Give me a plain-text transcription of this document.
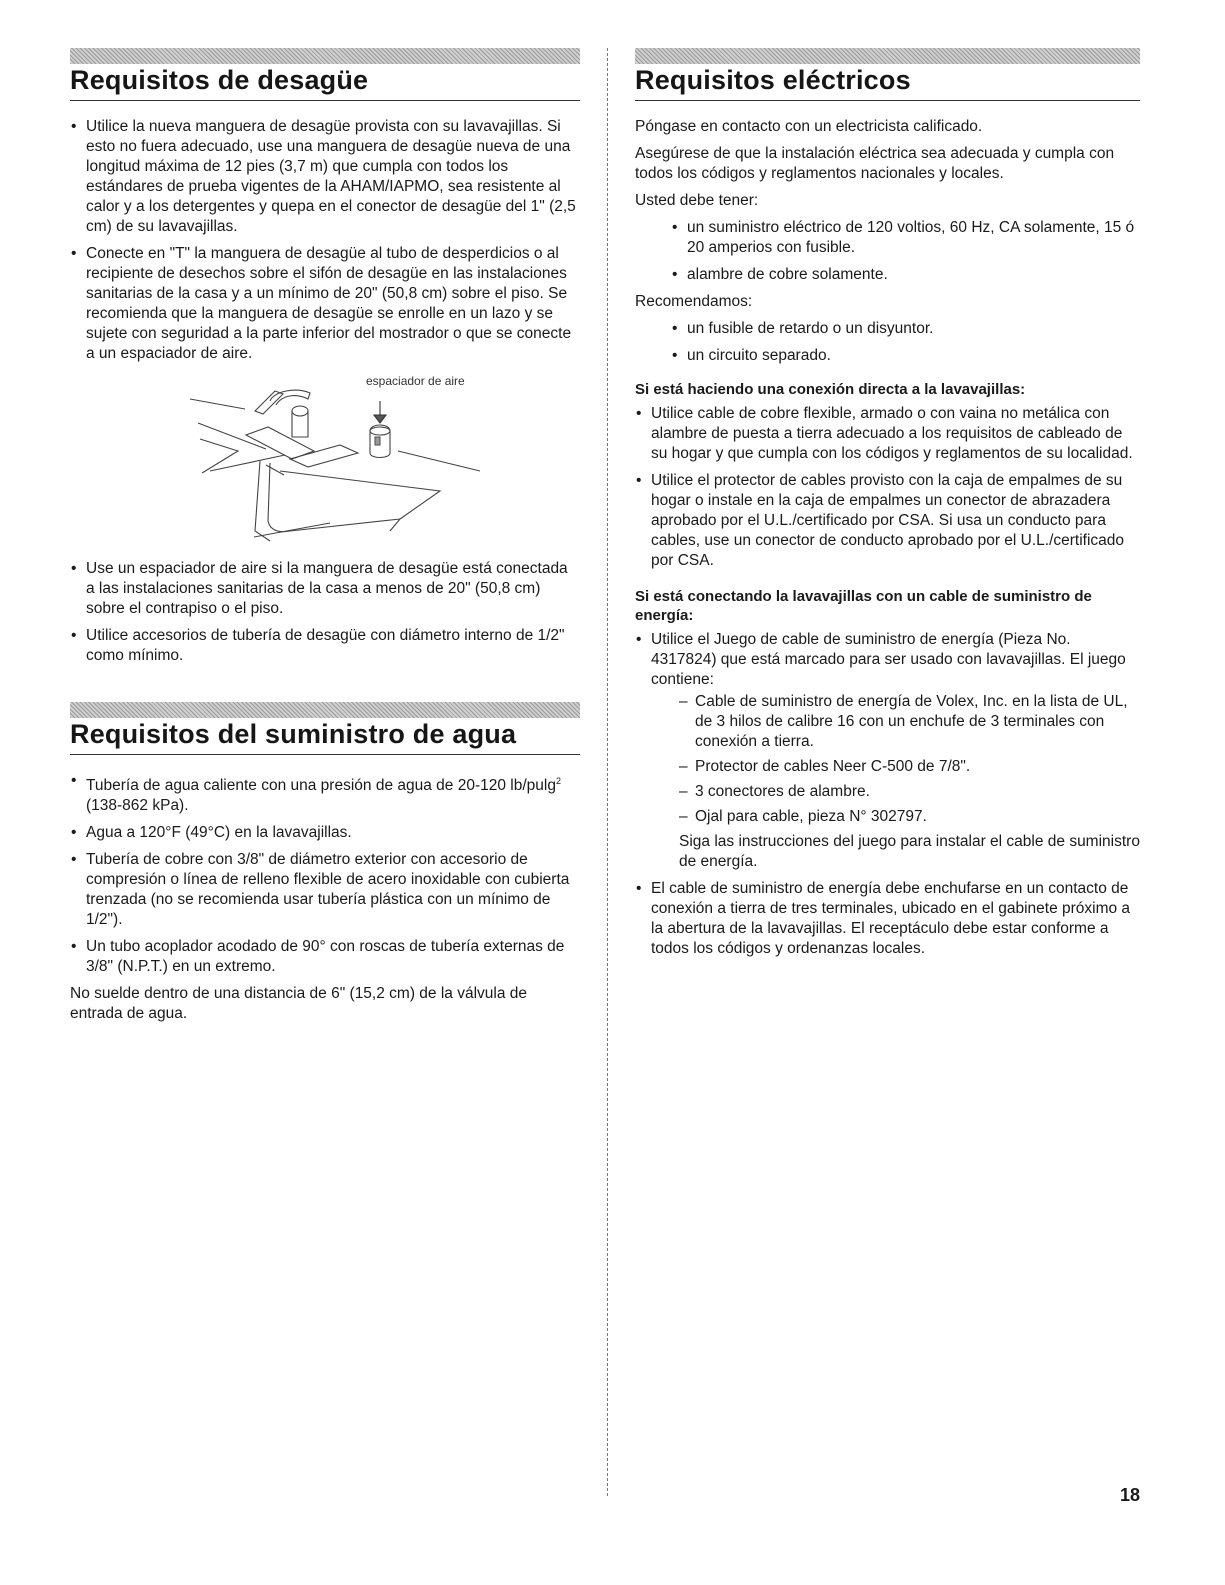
Requisitos de desagüe
• Utilice la nueva manguera de desagüe provista con su lavavajillas. Si esto no fuera adecuado, use una manguera de desagüe nueva de una longitud máxima de 12 pies (3,7 m) que cumpla con todos los estándares de prueba vigentes de la AHAM/IAPMO, sea resistente al calor y a los detergentes y quepa en el conector de desagüe del 1" (2,5 cm) de su lavavajillas.
• Conecte en "T" la manguera de desagüe al tubo de desperdicios o al recipiente de desechos sobre el sifón de desagüe en las instalaciones sanitarias de la casa y a un mínimo de 20" (50,8 cm) sobre el piso. Se recomienda que la manguera de desagüe se enrolle en un lazo y se sujete con seguridad a la parte inferior del mostrador o que se conecte a un espaciador de aire.
espaciador de aire
• Use un espaciador de aire si la manguera de desagüe está conectada a las instalaciones sanitarias de la casa a menos de 20" (50,8 cm) sobre el contrapiso o el piso.
• Utilice accesorios de tubería de desagüe con diámetro interno de 1/2" como mínimo.
Requisitos del suministro de agua
• Tubería de agua caliente con una presión de agua de 20-120 lb/pulg$^2$ (138-862 kPa).
• Agua a 120°F (49°C) en la lavavajillas.
• Tubería de cobre con 3/8" de diámetro exterior con accesorio de compresión o línea de relleno flexible de acero inoxidable con cubierta trenzada (no se recomienda usar tubería plástica con un mínimo de 1/2").
• Un tubo acoplador acodado de 90° con roscas de tubería externas de 3/8" (N.P.T.) en un extremo.

No suelde dentro de una distancia de 6" (15,2 cm) de la válvula de entrada de agua.

Requisitos eléctricos

Póngase en contacto con un electricista calificado.

Asegúrese de que la instalación eléctrica sea adecuada y cumpla con todos los códigos y reglamentos nacionales y locales.

Usted debe tener:

• un suministro eléctrico de 120 voltios, 60 Hz, CA solamente, 15 ó 20 amperios con fusible.
• alambre de cobre solamente.

Recomendamos:

• un fusible de retardo o un disyuntor.
• un circuito separado.
Si está haciendo una conexión directa a la lavavajillas:
• Utilice cable de cobre flexible, armado o con vaina no metálica con alambre de puesta a tierra adecuado a los requisitos de cableado de su hogar y que cumpla con los códigos y reglamentos de su localidad.
• Utilice el protector de cables provisto con la caja de empalmes de su hogar o instale en la caja de empalmes un conector de abrazadera aprobado por el U.L./certificado por CSA. Si usa un conducto para cables, use un conector de conducto aprobado por el U.L./certificado por CSA.
Si está conectando la lavavajillas con un cable de suministro de energía:
• Utilice el Juego de cable de suministro de energía (Pieza No. 4317824) que está marcado para ser usado con lavavajillas. El juego contiene:
– Cable de suministro de energía de Volex, Inc. en la lista de UL, de 3 hilos de calibre 16 con un enchufe de 3 terminales con conexión a tierra.
– Protector de cables Neer C-500 de 7/8".
– 3 conectores de alambre.
– Ojal para cable, pieza N° 302797.
Siga las instrucciones del juego para instalar el cable de suministro de energía.
• El cable de suministro de energía debe enchufarse en un contacto de conexión a tierra de tres terminales, ubicado en el gabinete próximo a la abertura de la lavavajillas. El receptáculo debe estar conforme a todos los códigos y ordenanzas locales.
18
